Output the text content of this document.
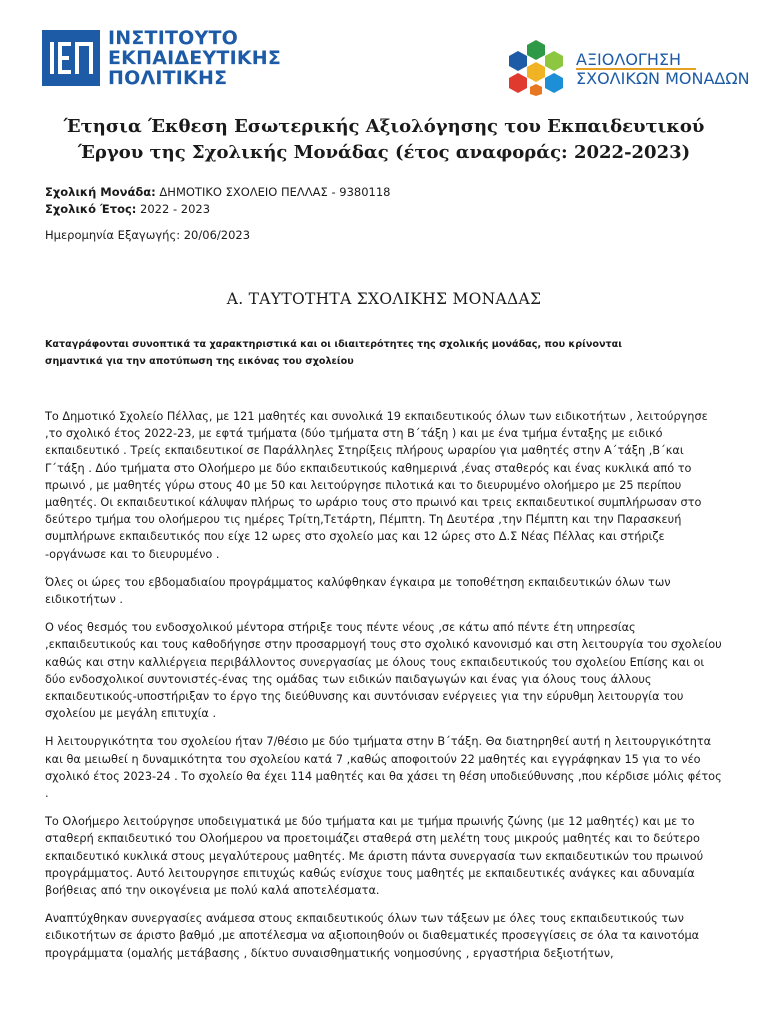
ΙΝΣΤΙΤΟΥΤΟ
ΕΚΠΑΙΔΕΥΤΙΚΗΣ
ΠΟΛΙΤΙΚΗΣ
ΑΞΙΟΛΟΓΗΣΗ
ΣΧΟΛΙΚΩΝ ΜΟΝΑΔΩΝ
Έτησια Έκθεση Εσωτερικής Αξιολόγησης του Εκπαιδευτικού
Έργου της Σχολικής Μονάδας (έτος αναφοράς: 2022-2023)
Σχολική Μονάδα: ΔΗΜΟΤΙΚΟ ΣΧΟΛΕΙΟ ΠΕΛΛΑΣ - 9380118
Σχολικό Έτος: 2022 - 2023
Ημερομηνία Εξαγωγής: 20/06/2023
Α. ΤΑΥΤΟΤΗΤΑ ΣΧΟΛΙΚΗΣ ΜΟΝΑΔΑΣ
Καταγράφονται συνοπτικά τα χαρακτηριστικά και οι ιδιαιτερότητες της σχολικής μονάδας, που κρίνονται
σημαντικά για την αποτύπωση της εικόνας του σχολείου

Το Δημοτικό Σχολείο Πέλλας, με 121 μαθητές και συνολικά 19 εκπαιδευτικούς όλων των ειδικοτήτων , λειτούργησε ,το σχολικό έτος 2022-23, με εφτά τμήματα (δύο τμήματα στη Β΄τάξη ) και με ένα τμήμα ένταξης με ειδικό εκπαιδευτικό . Τρείς εκπαιδευτικοί σε Παράλληλες Στηρίξεις πλήρους ωραρίου για μαθητές στην Α΄τάξη ,Β΄και Γ΄τάξη . Δύο τμήματα στο Ολοήμερο με δύο εκπαιδευτικούς καθημερινά ,ένας σταθερός και ένας κυκλικά από το πρωινό , με μαθητές γύρω στους 40 με 50 και λειτούργησε πιλοτικά και το διευρυμένο ολοήμερο με 25 περίπου μαθητές. Οι εκπαιδευτικοί κάλυψαν πλήρως το ωράριο τους στο πρωινό και τρεις εκπαιδευτικοί συμπλήρωσαν στο δεύτερο τμήμα του ολοήμερου τις ημέρες Τρίτη,Τετάρτη, Πέμπτη. Τη Δευτέρα ,την Πέμπτη και την Παρασκευή συμπλήρωνε εκπαιδευτικός που είχε 12 ωρες στο σχολείο μας και 12 ώρες στο Δ.Σ Νέας Πέλλας και στήριζε -οργάνωσε και το διευρυμένο .

Όλες οι ώρες του εβδομαδιαίου προγράμματος καλύφθηκαν έγκαιρα με τοποθέτηση εκπαιδευτικών όλων των ειδικοτήτων .

Ο νέος θεσμός του ενδοσχολικού μέντορα στήριξε τους πέντε νέους ,σε κάτω από πέντε έτη υπηρεσίας ,εκπαιδευτικούς και τους καθοδήγησε στην προσαρμογή τους στο σχολικό κανονισμό και στη λειτουργία του σχολείου καθώς και στην καλλιέργεια περιβάλλοντος συνεργασίας με όλους τους εκπαιδευτικούς του σχολείου Επίσης και οι δύο ενδοσχολικοί συντονιστές-ένας της ομάδας των ειδικών παιδαγωγών και ένας για όλους τους άλλους εκπαιδευτικούς-υποστήριξαν το έργο της διεύθυνσης και συντόνισαν ενέργειες για την εύρυθμη λειτουργία του σχολείου με μεγάλη επιτυχία .

Η λειτουργικότητα του σχολείου ήταν 7/θέσιο με δύο τμήματα στην Β΄τάξη. Θα διατηρηθεί αυτή η λειτουργικότητα και θα μειωθεί η δυναμικότητα του σχολείου κατά 7 ,καθώς αποφοιτούν 22 μαθητές και εγγράφηκαν 15 για το νέο σχολικό έτος 2023-24 . Το σχολείο θα έχει 114 μαθητές και θα χάσει τη θέση υποδιεύθυνσης ,που κέρδισε μόλις φέτος .

Το Ολοήμερο λειτούργησε υποδειγματικά με δύο τμήματα και με τμήμα πρωινής ζώνης (με 12 μαθητές) και με το σταθερή εκπαιδευτικό του Ολοήμερου να προετοιμάζει σταθερά στη μελέτη τους μικρούς μαθητές και το δεύτερο εκπαιδευτικό κυκλικά στους μεγαλύτερους μαθητές. Με άριστη πάντα συνεργασία των εκπαιδευτικών του πρωινού προγράμματος. Αυτό λειτουργησε επιτυχώς καθώς ενίσχυε τους μαθητές με εκπαιδευτικές ανάγκες και αδυναμία βοήθειας από την οικογένεια με πολύ καλά αποτελέσματα.

Αναπτύχθηκαν συνεργασίες ανάμεσα στους εκπαιδευτικούς όλων των τάξεων με όλες τους εκπαιδευτικούς των ειδικοτήτων σε άριστο βαθμό ,με αποτέλεσμα να αξιοποιηθούν οι διαθεματικές προσεγγίσεις σε όλα τα καινοτόμα προγράμματα (ομαλής μετάβασης , δίκτυο συναισθηματικής νοημοσύνης , εργαστήρια δεξιοτήτων,
